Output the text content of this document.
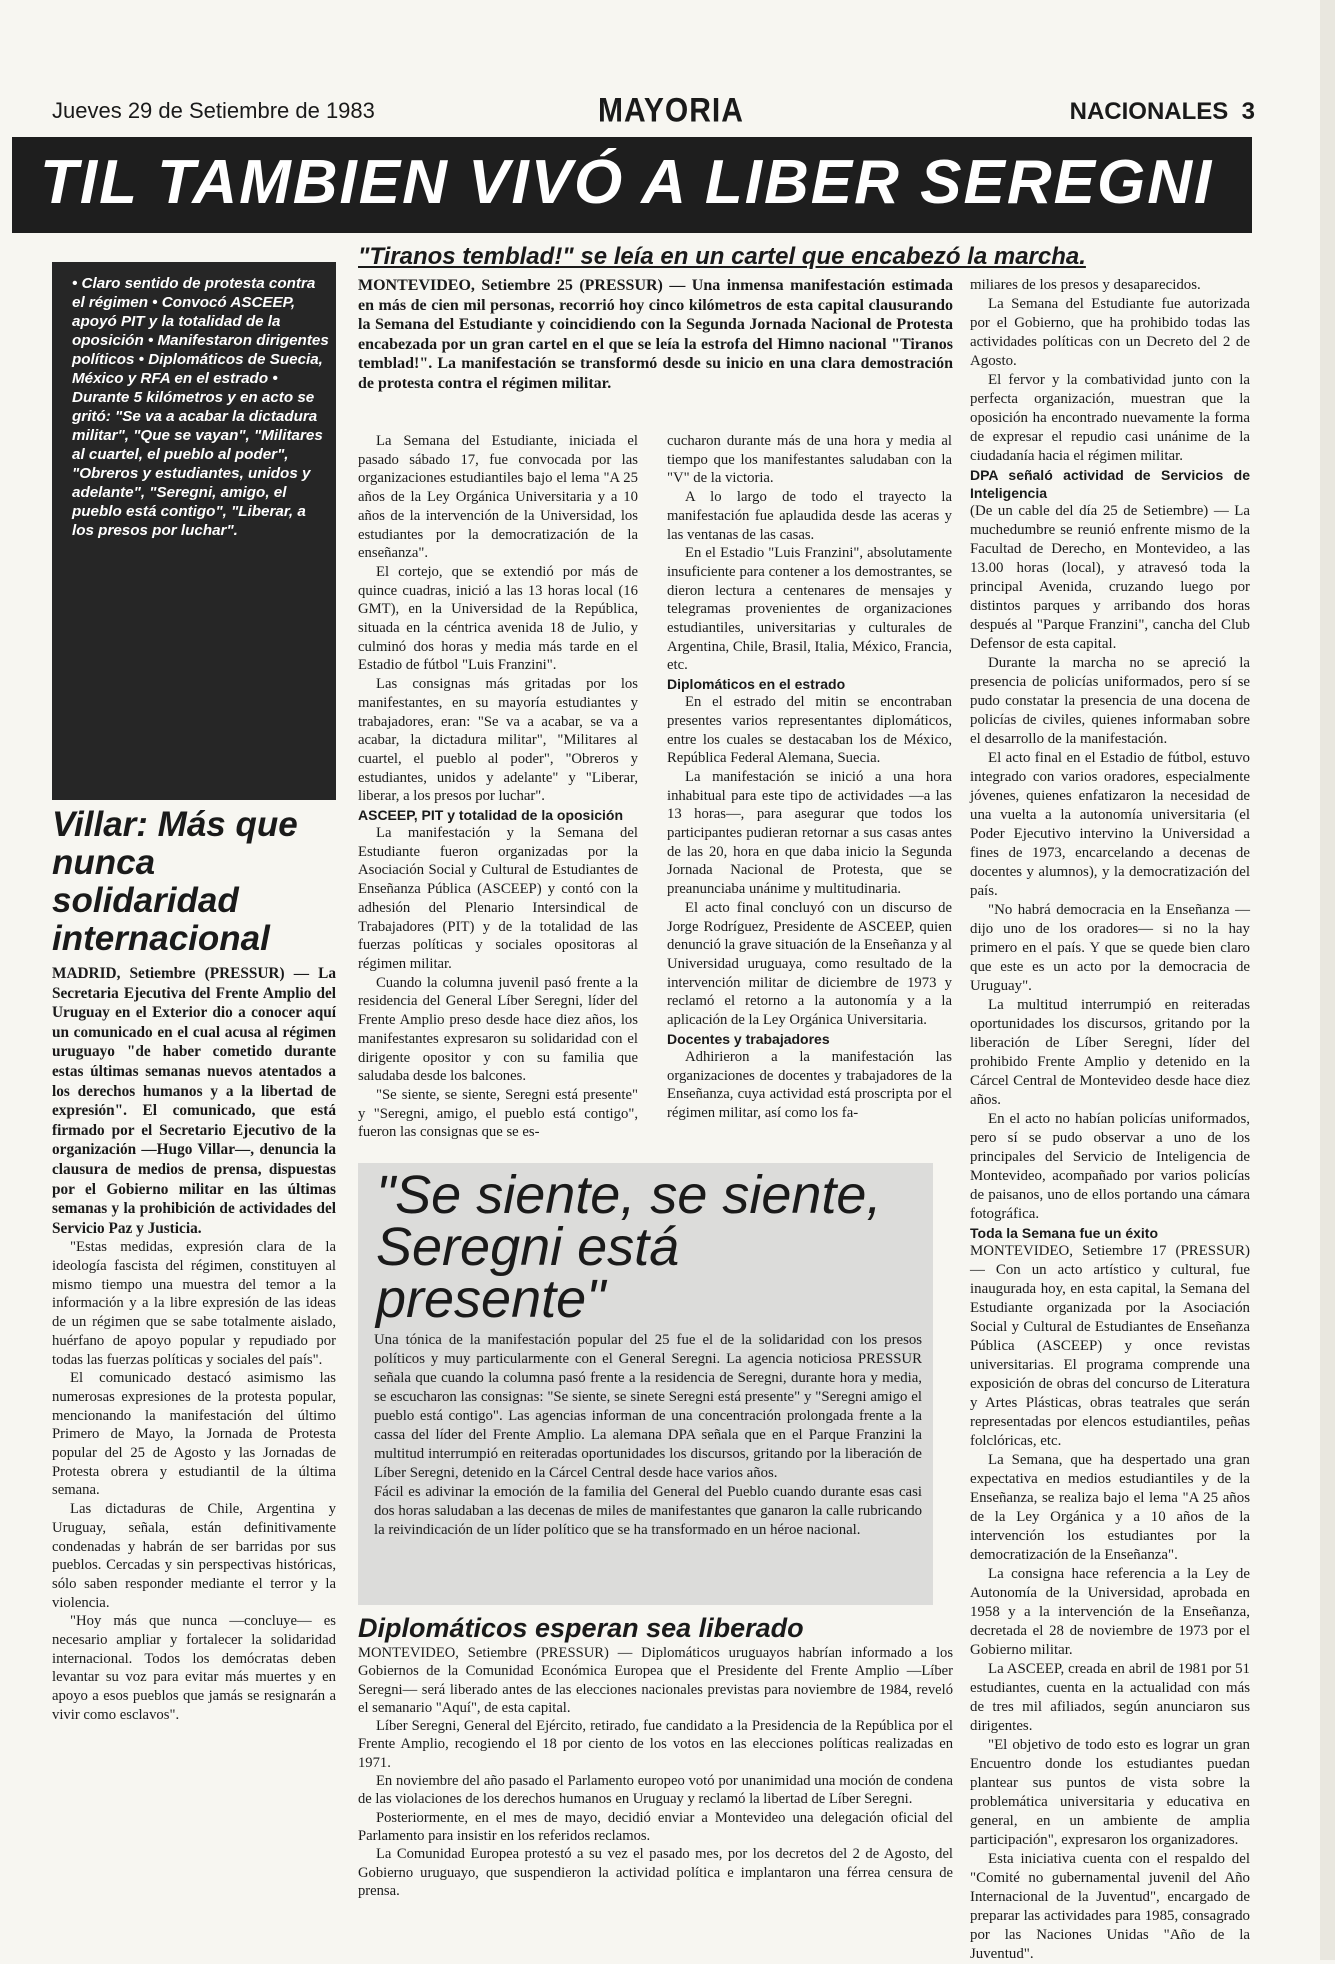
Jueves 29 de Setiembre de 1983	MAYORIA	NACIONALES 3
TIL TAMBIEN VIVÓ A LIBER SEREGNI

• Claro sentido de protesta contra el régimen • Convocó ASCEEP, apoyó PIT y la totalidad de la oposición • Manifestaron dirigentes políticos • Diplomáticos de Suecia, México y RFA en el estrado • Durante 5 kilómetros y en acto se gritó: "Se va a acabar la dictadura militar", "Que se vayan", "Militares al cuartel, el pueblo al poder", "Obreros y estudiantes, unidos y adelante", "Seregni, amigo, el pueblo está contigo", "Liberar, a los presos por luchar".

Villar: Más que nunca solidaridad internacional

MADRID, Setiembre (PRESSUR) — La Secretaria Ejecutiva del Frente Amplio del Uruguay en el Exterior dio a conocer aquí un comunicado en el cual acusa al régimen uruguayo "de haber cometido durante estas últimas semanas nuevos atentados a los derechos humanos y a la libertad de expresión". El comunicado, que está firmado por el Secretario Ejecutivo de la organización —Hugo Villar—, denuncia la clausura de medios de prensa, dispuestas por el Gobierno militar en las últimas semanas y la prohibición de actividades del Servicio Paz y Justicia.

"Estas medidas, expresión clara de la ideología fascista del régimen, constituyen al mismo tiempo una muestra del temor a la información y a la libre expresión de las ideas de un régimen que se sabe totalmente aislado, huérfano de apoyo popular y repudiado por todas las fuerzas políticas y sociales del país".

El comunicado destacó asimismo las numerosas expresiones de la protesta popular, mencionando la manifestación del último Primero de Mayo, la Jornada de Protesta popular del 25 de Agosto y las Jornadas de Protesta obrera y estudiantil de la última semana.

Las dictaduras de Chile, Argentina y Uruguay, señala, están definitivamente condenadas y habrán de ser barridas por sus pueblos. Cercadas y sin perspectivas históricas, sólo saben responder mediante el terror y la violencia.

"Hoy más que nunca —concluye— es necesario ampliar y fortalecer la solidaridad internacional. Todos los demócratas deben levantar su voz para evitar más muertes y en apoyo a esos pueblos que jamás se resignarán a vivir como esclavos".

"Tiranos temblad!" se leía en un cartel que encabezó la marcha.

MONTEVIDEO, Setiembre 25 (PRESSUR) — Una inmensa manifestación estimada en más de cien mil personas, recorrió hoy cinco kilómetros de esta capital clausurando la Semana del Estudiante y coincidiendo con la Segunda Jornada Nacional de Protesta encabezada por un gran cartel en el que se leía la estrofa del Himno nacional "Tiranos temblad!". La manifestación se transformó desde su inicio en una clara demostración de protesta contra el régimen militar.

La Semana del Estudiante, iniciada el pasado sábado 17, fue convocada por las organizaciones estudiantiles bajo el lema "A 25 años de la Ley Orgánica Universitaria y a 10 años de la intervención de la Universidad, los estudiantes por la democratización de la enseñanza".

El cortejo, que se extendió por más de quince cuadras, inició a las 13 horas local (16 GMT), en la Universidad de la República, situada en la céntrica avenida 18 de Julio, y culminó dos horas y media más tarde en el Estadio de fútbol "Luis Franzini".

Las consignas más gritadas por los manifestantes, en su mayoría estudiantes y trabajadores, eran: "Se va a acabar, se va a acabar, la dictadura militar", "Militares al cuartel, el pueblo al poder", "Obreros y estudiantes, unidos y adelante" y "Liberar, liberar, a los presos por luchar".

ASCEEP, PIT y totalidad de la oposición

La manifestación y la Semana del Estudiante fueron organizadas por la Asociación Social y Cultural de Estudiantes de Enseñanza Pública (ASCEEP) y contó con la adhesión del Plenario Intersindical de Trabajadores (PIT) y de la totalidad de las fuerzas políticas y sociales opositoras al régimen militar.

Cuando la columna juvenil pasó frente a la residencia del General Líber Seregni, líder del Frente Amplio preso desde hace diez años, los manifestantes expresaron su solidaridad con el dirigente opositor y con su familia que saludaba desde los balcones.

"Se siente, se siente, Seregni está presente" y "Seregni, amigo, el pueblo está contigo", fueron las consignas que se es-

cucharon durante más de una hora y media al tiempo que los manifestantes saludaban con la "V" de la victoria.

A lo largo de todo el trayecto la manifestación fue aplaudida desde las aceras y las ventanas de las casas.

En el Estadio "Luis Franzini", absolutamente insuficiente para contener a los demostrantes, se dieron lectura a centenares de mensajes y telegramas provenientes de organizaciones estudiantiles, universitarias y culturales de Argentina, Chile, Brasil, Italia, México, Francia, etc.

Diplomáticos en el estrado

En el estrado del mitin se encontraban presentes varios representantes diplomáticos, entre los cuales se destacaban los de México, República Federal Alemana, Suecia.

La manifestación se inició a una hora inhabitual para este tipo de actividades —a las 13 horas—, para asegurar que todos los participantes pudieran retornar a sus casas antes de las 20, hora en que daba inicio la Segunda Jornada Nacional de Protesta, que se preanunciaba unánime y multitudinaria.

El acto final concluyó con un discurso de Jorge Rodríguez, Presidente de ASCEEP, quien denunció la grave situación de la Enseñanza y al Universidad uruguaya, como resultado de la intervención militar de diciembre de 1973 y reclamó el retorno a la autonomía y a la aplicación de la Ley Orgánica Universitaria.

Docentes y trabajadores

Adhirieron a la manifestación las organizaciones de docentes y trabajadores de la Enseñanza, cuya actividad está proscripta por el régimen militar, así como los fa-

miliares de los presos y desaparecidos.

La Semana del Estudiante fue autorizada por el Gobierno, que ha prohibido todas las actividades políticas con un Decreto del 2 de Agosto.

El fervor y la combatividad junto con la perfecta organización, muestran que la oposición ha encontrado nuevamente la forma de expresar el repudio casi unánime de la ciudadanía hacia el régimen militar.

DPA señaló actividad de Servicios de Inteligencia

(De un cable del día 25 de Setiembre) — La muchedumbre se reunió enfrente mismo de la Facultad de Derecho, en Montevideo, a las 13.00 horas (local), y atravesó toda la principal Avenida, cruzando luego por distintos parques y arribando dos horas después al "Parque Franzini", cancha del Club Defensor de esta capital.

Durante la marcha no se apreció la presencia de policías uniformados, pero sí se pudo constatar la presencia de una docena de policías de civiles, quienes informaban sobre el desarrollo de la manifestación.

El acto final en el Estadio de fútbol, estuvo integrado con varios oradores, especialmente jóvenes, quienes enfatizaron la necesidad de una vuelta a la autonomía universitaria (el Poder Ejecutivo intervino la Universidad a fines de 1973, encarcelando a decenas de docentes y alumnos), y la democratización del país.

"No habrá democracia en la Enseñanza —dijo uno de los oradores— si no la hay primero en el país. Y que se quede bien claro que este es un acto por la democracia de Uruguay".

La multitud interrumpió en reiteradas oportunidades los discursos, gritando por la liberación de Líber Seregni, líder del prohibido Frente Amplio y detenido en la Cárcel Central de Montevideo desde hace diez años.

En el acto no habían policías uniformados, pero sí se pudo observar a uno de los principales del Servicio de Inteligencia de Montevideo, acompañado por varios policías de paisanos, uno de ellos portando una cámara fotográfica.

Toda la Semana fue un éxito

MONTEVIDEO, Setiembre 17 (PRESSUR) — Con un acto artístico y cultural, fue inaugurada hoy, en esta capital, la Semana del Estudiante organizada por la Asociación Social y Cultural de Estudiantes de Enseñanza Pública (ASCEEP) y once revistas universitarias. El programa comprende una exposición de obras del concurso de Literatura y Artes Plásticas, obras teatrales que serán representadas por elencos estudiantiles, peñas folclóricas, etc.

La Semana, que ha despertado una gran expectativa en medios estudiantiles y de la Enseñanza, se realiza bajo el lema "A 25 años de la Ley Orgánica y a 10 años de la intervención los estudiantes por la democratización de la Enseñanza".

La consigna hace referencia a la Ley de Autonomía de la Universidad, aprobada en 1958 y a la intervención de la Enseñanza, decretada el 28 de noviembre de 1973 por el Gobierno militar.

La ASCEEP, creada en abril de 1981 por 51 estudiantes, cuenta en la actualidad con más de tres mil afiliados, según anunciaron sus dirigentes.

"El objetivo de todo esto es lograr un gran Encuentro donde los estudiantes puedan plantear sus puntos de vista sobre la problemática universitaria y educativa en general, en un ambiente de amplia participación", expresaron los organizadores.

Esta iniciativa cuenta con el respaldo del "Comité no gubernamental juvenil del Año Internacional de la Juventud", encargado de preparar las actividades para 1985, consagrado por las Naciones Unidas "Año de la Juventud".

"Se siente, se siente, Seregni está presente"

Una tónica de la manifestación popular del 25 fue el de la solidaridad con los presos políticos y muy particularmente con el General Seregni. La agencia noticiosa PRESSUR señala que cuando la columna pasó frente a la residencia de Seregni, durante hora y media, se escucharon las consignas: "Se siente, se sinete Seregni está presente" y "Seregni amigo el pueblo está contigo". Las agencias informan de una concentración prolongada frente a la cassa del líder del Frente Amplio. La alemana DPA señala que en el Parque Franzini la multitud interrumpió en reiteradas oportunidades los discursos, gritando por la liberación de Líber Seregni, detenido en la Cárcel Central desde hace varios años.

Fácil es adivinar la emoción de la familia del General del Pueblo cuando durante esas casi dos horas saludaban a las decenas de miles de manifestantes que ganaron la calle rubricando la reivindicación de un líder político que se ha transformado en un héroe nacional.

Diplomáticos esperan sea liberado

MONTEVIDEO, Setiembre (PRESSUR) — Diplomáticos uruguayos habrían informado a los Gobiernos de la Comunidad Económica Europea que el Presidente del Frente Amplio —Líber Seregni— será liberado antes de las elecciones nacionales previstas para noviembre de 1984, reveló el semanario "Aquí", de esta capital.

Líber Seregni, General del Ejército, retirado, fue candidato a la Presidencia de la República por el Frente Amplio, recogiendo el 18 por ciento de los votos en las elecciones políticas realizadas en 1971.

En noviembre del año pasado el Parlamento europeo votó por unanimidad una moción de condena de las violaciones de los derechos humanos en Uruguay y reclamó la libertad de Líber Seregni.

Posteriormente, en el mes de mayo, decidió enviar a Montevideo una delegación oficial del Parlamento para insistir en los referidos reclamos.

La Comunidad Europea protestó a su vez el pasado mes, por los decretos del 2 de Agosto, del Gobierno uruguayo, que suspendieron la actividad política e implantaron una férrea censura de prensa.
